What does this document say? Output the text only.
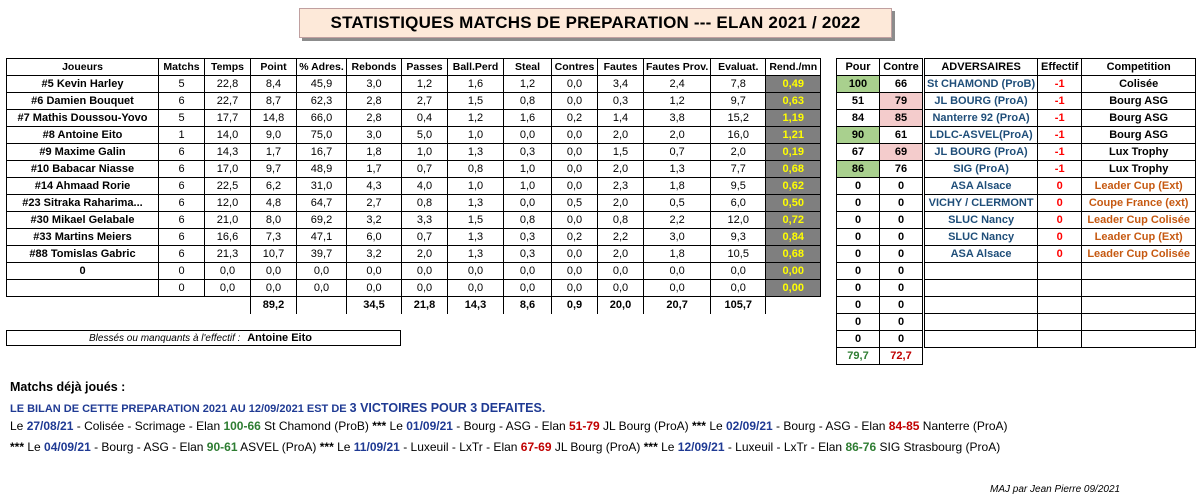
STATISTIQUES MATCHS DE PREPARATION --- ELAN 2021 / 2022
Joueurs	Matchs	Temps	Point	% Adres.	Rebonds	Passes	Ball.Perd	Steal	Contres	Fautes	Fautes Prov.	Evaluat.	Rend./mn
#5 Kevin Harley	5	22,8	8,4	45,9	3,0	1,2	1,6	1,2	0,0	3,4	2,4	7,8	0,49
#6 Damien Bouquet	6	22,7	8,7	62,3	2,8	2,7	1,5	0,8	0,0	0,3	1,2	9,7	0,63
#7 Mathis Doussou-Yovo	5	17,7	14,8	66,0	2,8	0,4	1,2	1,6	0,2	1,4	3,8	15,2	1,19
#8 Antoine Eito	1	14,0	9,0	75,0	3,0	5,0	1,0	0,0	0,0	2,0	2,0	16,0	1,21
#9 Maxime Galin	6	14,3	1,7	16,7	1,8	1,0	1,3	0,3	0,0	1,5	0,7	2,0	0,19
#10 Babacar Niasse	6	17,0	9,7	48,9	1,7	0,7	0,8	1,0	0,0	2,0	1,3	7,7	0,68
#14 Ahmaad Rorie	6	22,5	6,2	31,0	4,3	4,0	1,0	1,0	0,0	2,3	1,8	9,5	0,62
#23 Sitraka Raharima...	6	12,0	4,8	64,7	2,7	0,8	1,3	0,0	0,5	2,0	0,5	6,0	0,50
#30 Mikael Gelabale	6	21,0	8,0	69,2	3,2	3,3	1,5	0,8	0,0	0,8	2,2	12,0	0,72
#33 Martins Meiers	6	16,6	7,3	47,1	6,0	0,7	1,3	0,3	0,2	2,2	3,0	9,3	0,84
#88 Tomislas Gabric	6	21,3	10,7	39,7	3,2	2,0	1,3	0,3	0,0	2,0	1,8	10,5	0,68
0	0	0,0	0,0	0,0	0,0	0,0	0,0	0,0	0,0	0,0	0,0	0,0	0,00
	0	0,0	0,0	0,0	0,0	0,0	0,0	0,0	0,0	0,0	0,0	0,0	0,00
			89,2		34,5	21,8	14,3	8,6	0,9	20,0	20,7	105,7	
Pour	Contre
100	66
51	79
84	85
90	61
67	69
86	76
0	0
0	0
0	0
0	0
0	0
0	0
0	0
0	0
0	0
0	0
79,7	72,7
ADVERSAIRES	Effectif	Competition
St CHAMOND (ProB)	-1	Colisée
JL BOURG (ProA)	-1	Bourg ASG
Nanterre 92 (ProA)	-1	Bourg ASG
LDLC-ASVEL(ProA)	-1	Bourg ASG
JL BOURG (ProA)	-1	Lux Trophy
SIG (ProA)	-1	Lux Trophy
ASA Alsace	0	Leader Cup (Ext)
VICHY / CLERMONT	0	Coupe France (ext)
SLUC Nancy	0	Leader Cup Colisée
SLUC Nancy	0	Leader Cup (Ext)
ASA Alsace	0	Leader Cup Colisée

Blessés ou manquants à l'effectif : Antoine Eito
Matchs déjà joués :
LE BILAN DE CETTE PREPARATION 2021 AU 12/09/2021 EST DE 3 VICTOIRES POUR 3 DEFAITES.
Le 27/08/21 - Colisée - Scrimage - Elan 100-66 St Chamond (ProB) *** Le 01/09/21 - Bourg - ASG - Elan 51-79 JL Bourg (ProA) *** Le 02/09/21 - Bourg - ASG - Elan 84-85 Nanterre (ProA)
*** Le 04/09/21 - Bourg - ASG - Elan 90-61 ASVEL (ProA) *** Le 11/09/21 - Luxeuil - LxTr - Elan 67-69 JL Bourg (ProA) *** Le 12/09/21 - Luxeuil - LxTr - Elan 86-76 SIG Strasbourg (ProA)
MAJ par Jean Pierre 09/2021
